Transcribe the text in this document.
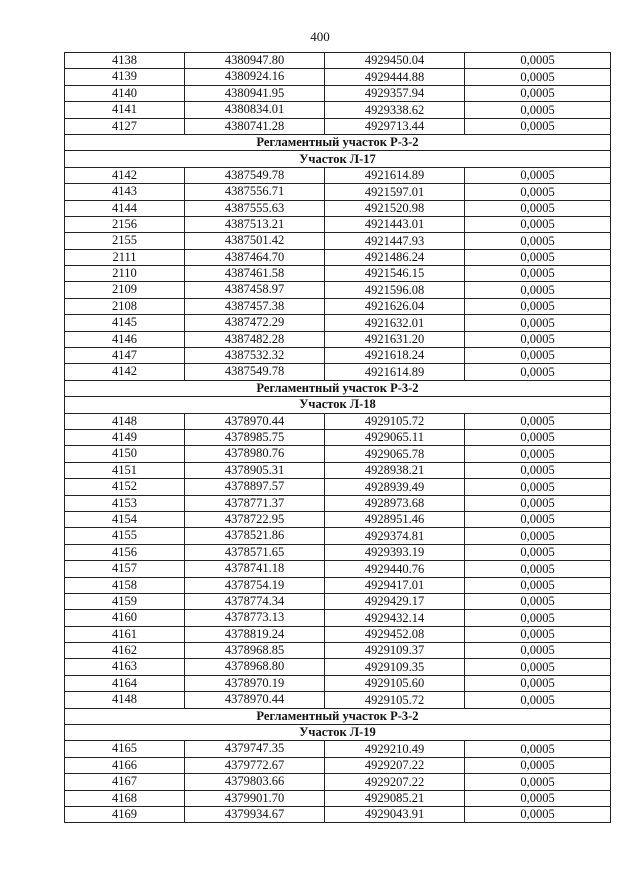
400
4138	4380947.80	4929450.04	0,0005
4139	4380924.16	4929444.88	0,0005
4140	4380941.95	4929357.94	0,0005
4141	4380834.01	4929338.62	0,0005
4127	4380741.28	4929713.44	0,0005
Регламентный участок Р-3-2			
Участок Л-17			
4142	4387549.78	4921614.89	0,0005
4143	4387556.71	4921597.01	0,0005
4144	4387555.63	4921520.98	0,0005
2156	4387513.21	4921443.01	0,0005
2155	4387501.42	4921447.93	0,0005
2111	4387464.70	4921486.24	0,0005
2110	4387461.58	4921546.15	0,0005
2109	4387458.97	4921596.08	0,0005
2108	4387457.38	4921626.04	0,0005
4145	4387472.29	4921632.01	0,0005
4146	4387482.28	4921631.20	0,0005
4147	4387532.32	4921618.24	0,0005
4142	4387549.78	4921614.89	0,0005
Регламентный участок Р-3-2			
Участок Л-18			
4148	4378970.44	4929105.72	0,0005
4149	4378985.75	4929065.11	0,0005
4150	4378980.76	4929065.78	0,0005
4151	4378905.31	4928938.21	0,0005
4152	4378897.57	4928939.49	0,0005
4153	4378771.37	4928973.68	0,0005
4154	4378722.95	4928951.46	0,0005
4155	4378521.86	4929374.81	0,0005
4156	4378571.65	4929393.19	0,0005
4157	4378741.18	4929440.76	0,0005
4158	4378754.19	4929417.01	0,0005
4159	4378774.34	4929429.17	0,0005
4160	4378773.13	4929432.14	0,0005
4161	4378819.24	4929452.08	0,0005
4162	4378968.85	4929109.37	0,0005
4163	4378968.80	4929109.35	0,0005
4164	4378970.19	4929105.60	0,0005
4148	4378970.44	4929105.72	0,0005
Регламентный участок Р-3-2			
Участок Л-19			
4165	4379747.35	4929210.49	0,0005
4166	4379772.67	4929207.22	0,0005
4167	4379803.66	4929207.22	0,0005
4168	4379901.70	4929085.21	0,0005
4169	4379934.67	4929043.91	0,0005
